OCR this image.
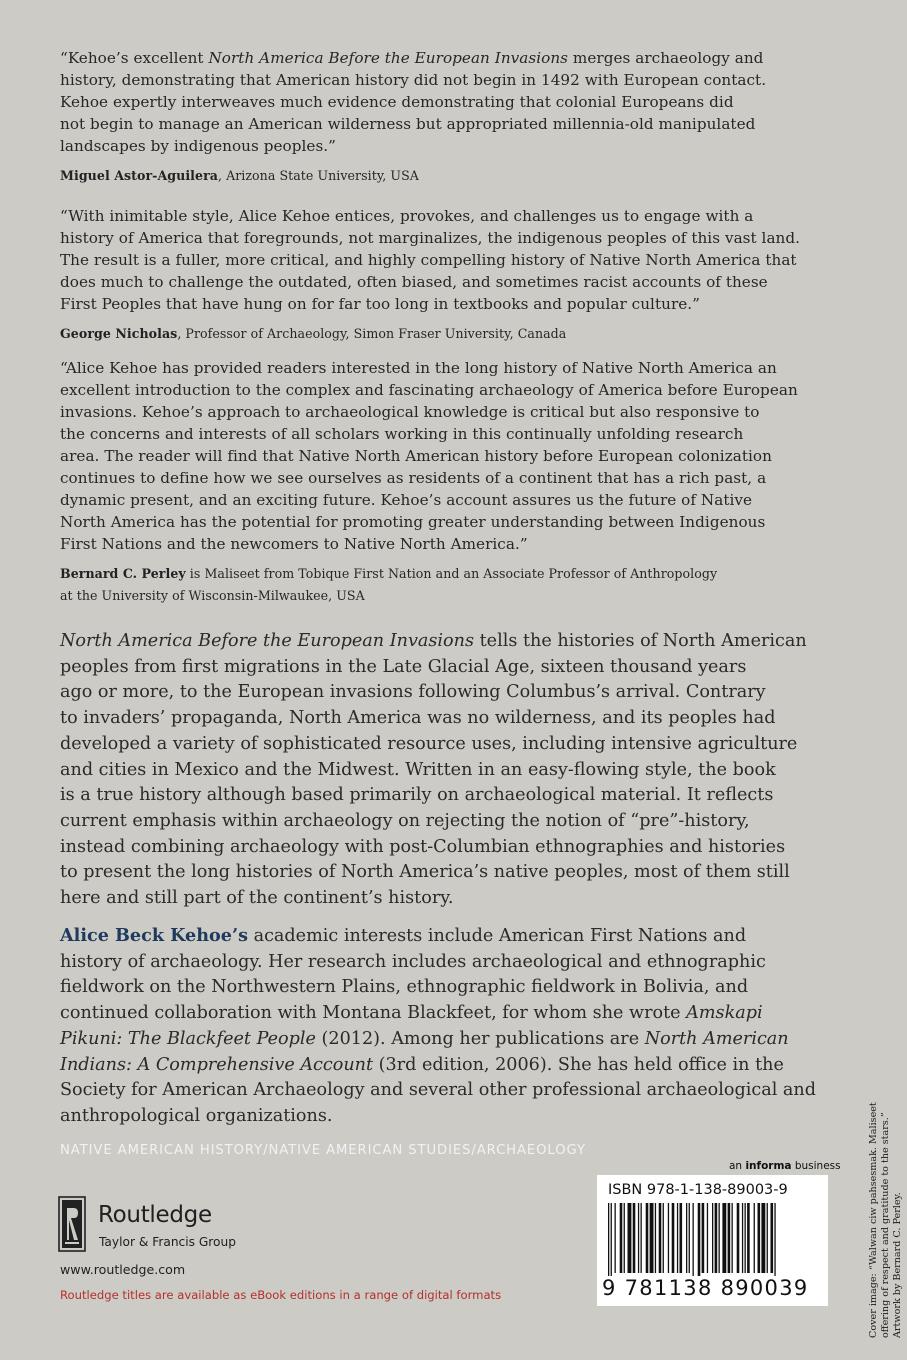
“Kehoe’s excellent North America Before the European Invasions merges archaeology and
history, demonstrating that American history did not begin in 1492 with European contact.
Kehoe expertly interweaves much evidence demonstrating that colonial Europeans did
not begin to manage an American wilderness but appropriated millennia-old manipulated
landscapes by indigenous peoples.”

Miguel Astor-Aguilera, Arizona State University, USA

“With inimitable style, Alice Kehoe entices, provokes, and challenges us to engage with a
history of America that foregrounds, not marginalizes, the indigenous peoples of this vast land.
The result is a fuller, more critical, and highly compelling history of Native North America that
does much to challenge the outdated, often biased, and sometimes racist accounts of these
First Peoples that have hung on for far too long in textbooks and popular culture.”

George Nicholas, Professor of Archaeology, Simon Fraser University, Canada

“Alice Kehoe has provided readers interested in the long history of Native North America an
excellent introduction to the complex and fascinating archaeology of America before European
invasions. Kehoe’s approach to archaeological knowledge is critical but also responsive to
the concerns and interests of all scholars working in this continually unfolding research
area. The reader will find that Native North American history before European colonization
continues to define how we see ourselves as residents of a continent that has a rich past, a
dynamic present, and an exciting future. Kehoe’s account assures us the future of Native
North America has the potential for promoting greater understanding between Indigenous
First Nations and the newcomers to Native North America.”

Bernard C. Perley is Maliseet from Tobique First Nation and an Associate Professor of Anthropology
at the University of Wisconsin-Milwaukee, USA

North America Before the European Invasions tells the histories of North American
peoples from first migrations in the Late Glacial Age, sixteen thousand years
ago or more, to the European invasions following Columbus’s arrival. Contrary
to invaders’ propaganda, North America was no wilderness, and its peoples had
developed a variety of sophisticated resource uses, including intensive agriculture
and cities in Mexico and the Midwest. Written in an easy-flowing style, the book
is a true history although based primarily on archaeological material. It reflects
current emphasis within archaeology on rejecting the notion of “pre”-history,
instead combining archaeology with post-Columbian ethnographies and histories
to present the long histories of North America’s native peoples, most of them still
here and still part of the continent’s history.

Alice Beck Kehoe’s academic interests include American First Nations and
history of archaeology. Her research includes archaeological and ethnographic
fieldwork on the Northwestern Plains, ethnographic fieldwork in Bolivia, and
continued collaboration with Montana Blackfeet, for whom she wrote Amskapi
Pikuni: The Blackfeet People (2012). Among her publications are North American
Indians: A Comprehensive Account (3rd edition, 2006). She has held office in the
Society for American Archaeology and several other professional archaeological and
anthropological organizations.

NATIVE AMERICAN HISTORY/NATIVE AMERICAN STUDIES/ARCHAEOLOGY
an informa business
ISBN 978-1-138-89003-9
9 781138 890039
Cover image: “Walwan ciw pahsesmak. Maliseet
offering of respect and gratitude to the stars.”
Artwork by Bernard C. Perley.
Routledge
Taylor & Francis Group
www.routledge.com
Routledge titles are available as eBook editions in a range of digital formats
